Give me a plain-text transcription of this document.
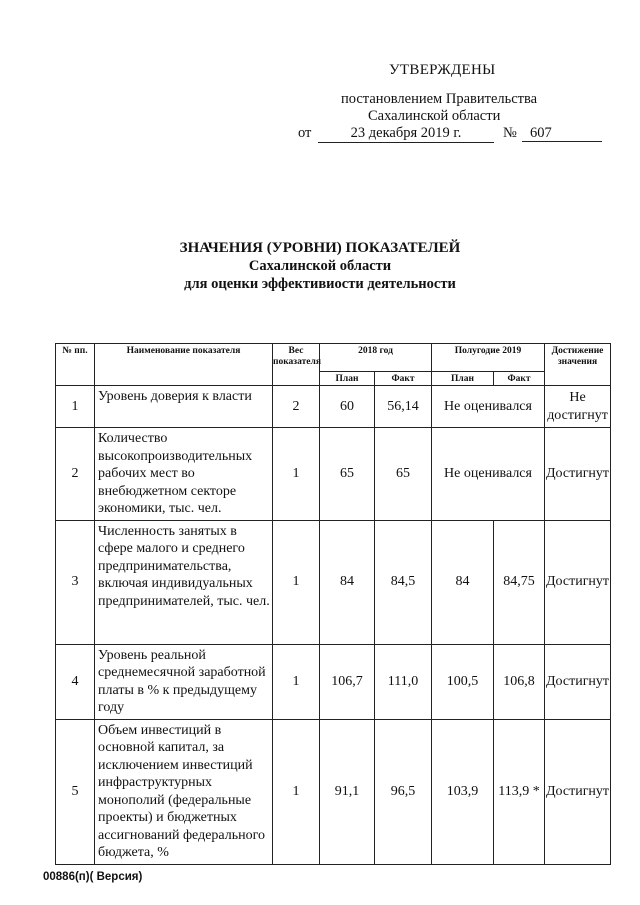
УТВЕРЖДЕНЫ
постановлением Правительства
Сахалинской области
от	23 декабря 2019 г.	№ 607
ЗНАЧЕНИЯ (УРОВНИ) ПОКАЗАТЕЛЕЙ
Сахалинской области
для оценки эффективиости деятельности
№ пп.	Наименование показателя	Вес показателя	2018 год		Полугодие 2019		Достижение значения
			План	Факт	План	Факт	
1	Уровень доверия к власти	2	60	56,14	Не оценивался		Не достигнут
2	Количество высокопроизводительных рабочих мест во внебюджетном секторе экономики, тыс. чел.	1	65	65	Не оценивался		Достигнут
3	Численность занятых в сфере малого и среднего предпринимательства, включая индивидуальных предпринимателей, тыс. чел.	1	84	84,5	84	84,75	Достигнут
4	Уровень реальной среднемесячной заработной платы в % к предыдущему году	1	106,7	111,0	100,5	106,8	Достигнут
5	Объем инвестиций в основной капитал, за исключением инвестиций инфраструктурных монополий (федеральные проекты) и бюджетных ассигнований федерального бюджета, %	1	91,1	96,5	103,9	113,9 *	Достигнут
00886(п)( Версия)
